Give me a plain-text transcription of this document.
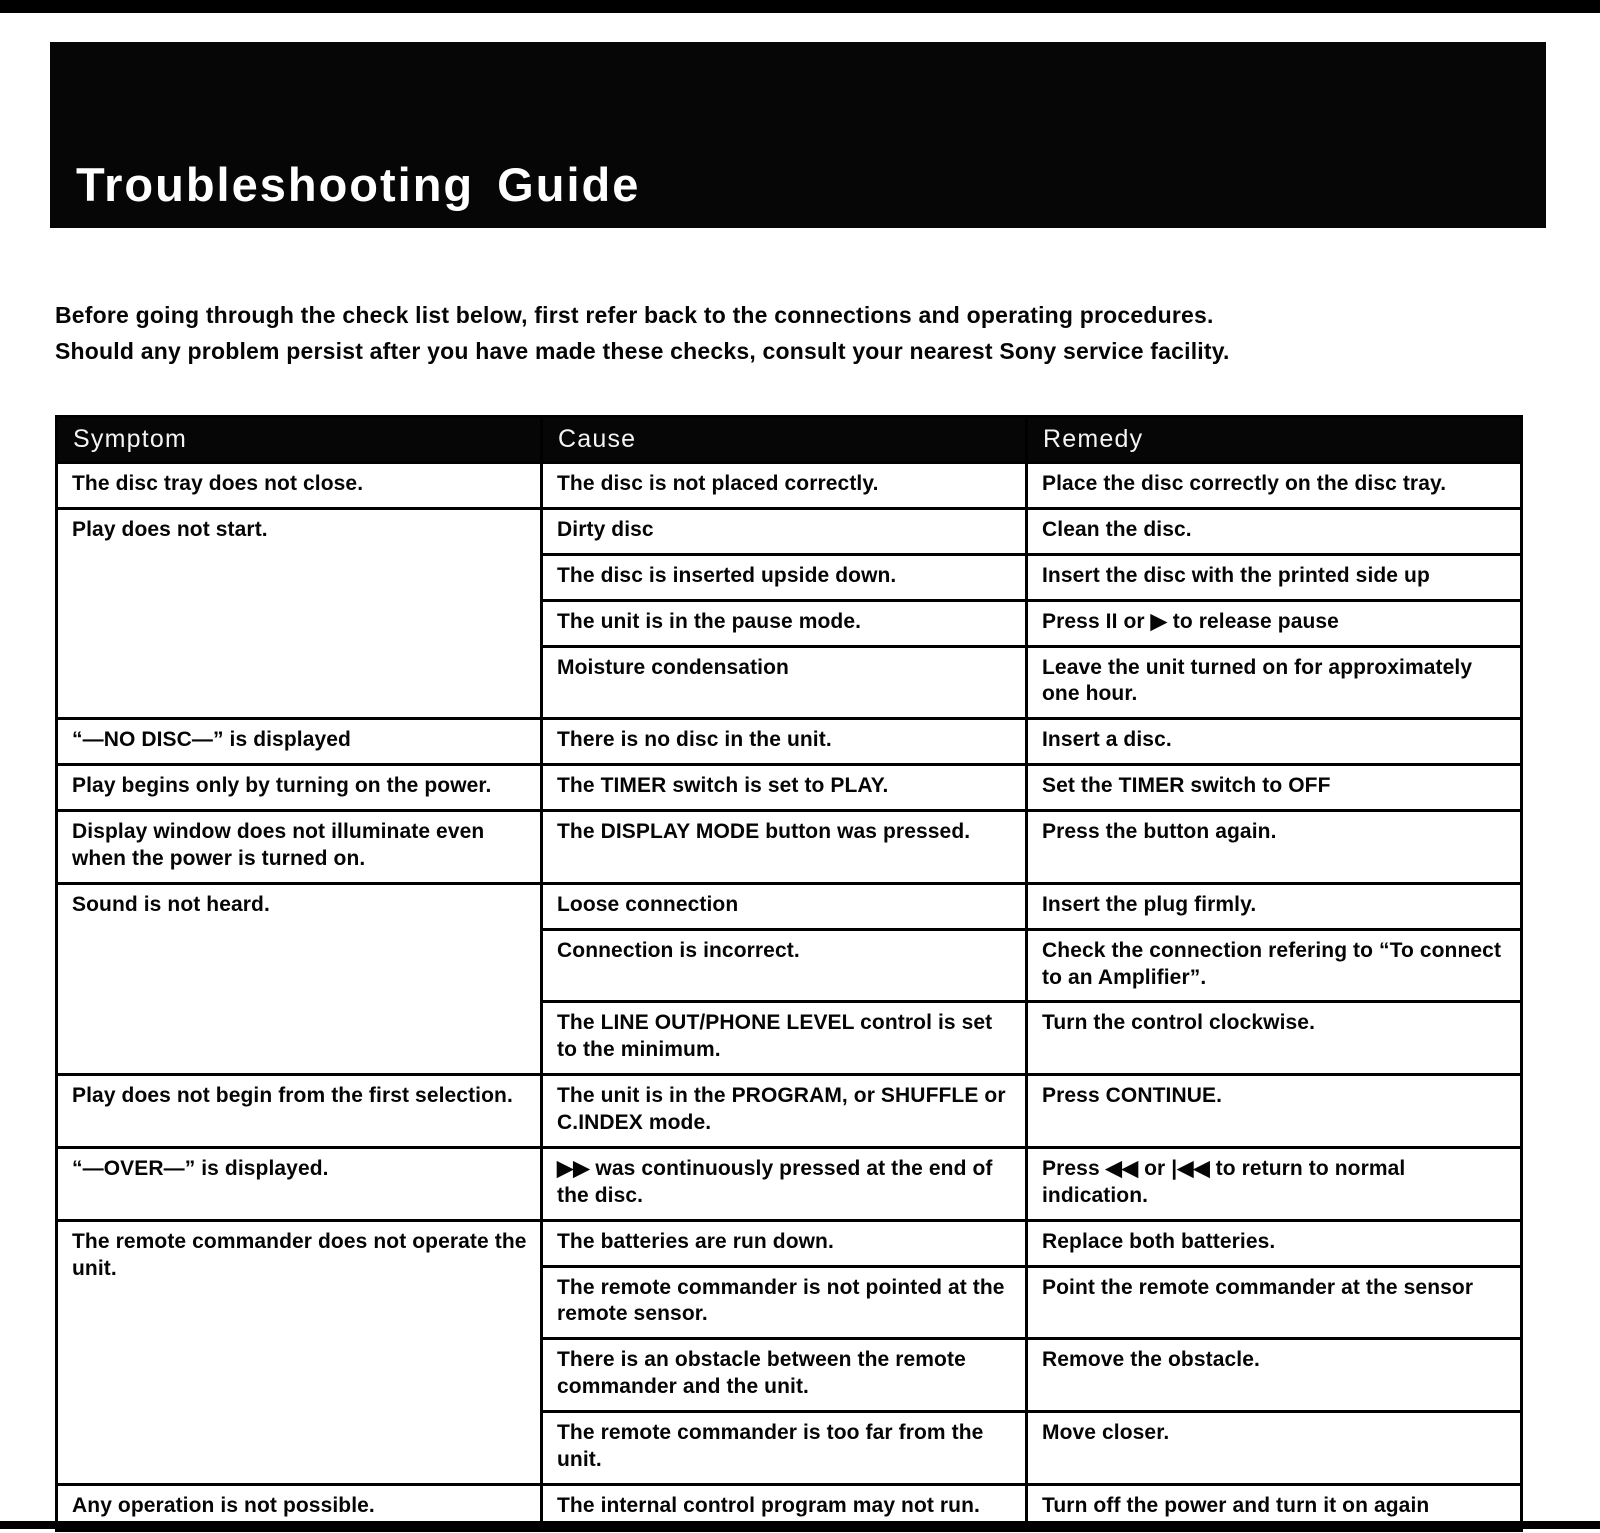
Troubleshooting Guide

Before going through the check list below, first refer back to the connections and operating procedures.
Should any problem persist after you have made these checks, consult your nearest Sony service facility.

Symptom	Cause	Remedy
The disc tray does not close.	The disc is not placed correctly.	Place the disc correctly on the disc tray.
Play does not start.	Dirty disc	Clean the disc.
	The disc is inserted upside down.	Insert the disc with the printed side up
	The unit is in the pause mode.	Press II or ▶ to release pause
	Moisture condensation	Leave the unit turned on for approximately one hour.
“—NO DISC—” is displayed	There is no disc in the unit.	Insert a disc.
Play begins only by turning on the power.	The TIMER switch is set to PLAY.	Set the TIMER switch to OFF
Display window does not illuminate even when the power is turned on.	The DISPLAY MODE button was pressed.	Press the button again.
Sound is not heard.	Loose connection	Insert the plug firmly.
	Connection is incorrect.	Check the connection refering to “To connect to an Amplifier”.
	The LINE OUT/PHONE LEVEL control is set to the minimum.	Turn the control clockwise.
Play does not begin from the first selection.	The unit is in the PROGRAM, or SHUFFLE or C.INDEX mode.	Press CONTINUE.
“—OVER—” is displayed.	▶▶ was continuously pressed at the end of the disc.	Press ◀◀ or |◀◀ to return to normal indication.
The remote commander does not operate the unit.	The batteries are run down.	Replace both batteries.
	The remote commander is not pointed at the remote sensor.	Point the remote commander at the sensor
	There is an obstacle between the remote commander and the unit.	Remove the obstacle.
	The remote commander is too far from the unit.	Move closer.
Any operation is not possible.	The internal control program may not run.	Turn off the power and turn it on again
